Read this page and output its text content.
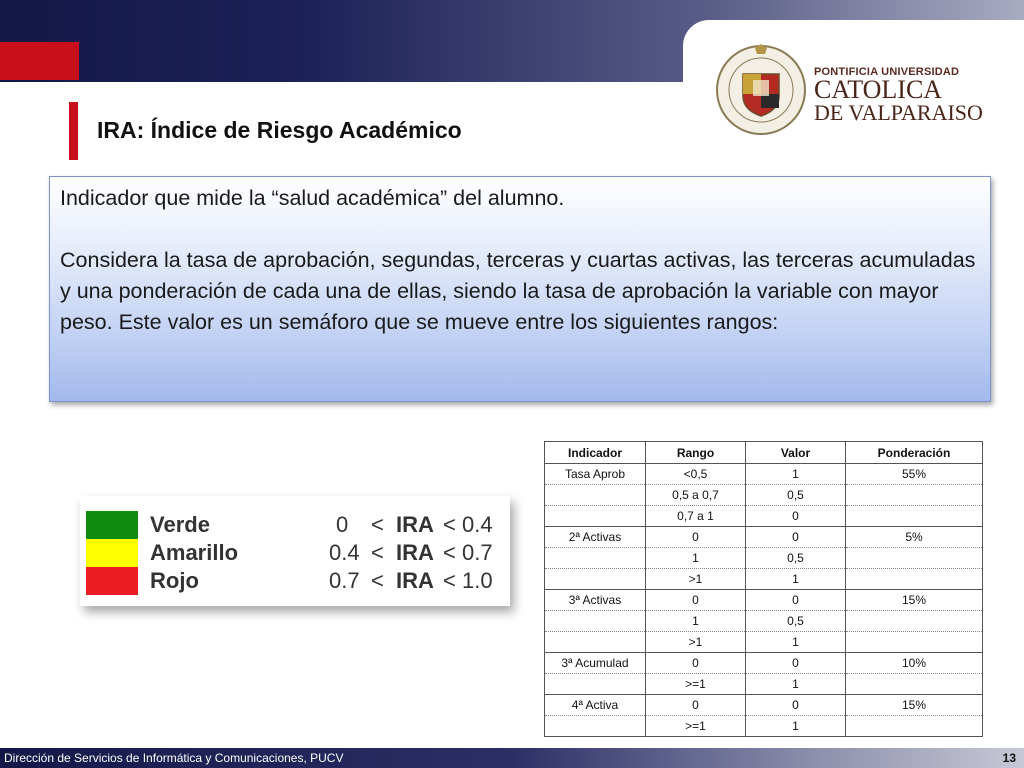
PONTIFICIA UNIVERSIDAD
CATOLICA
DE VALPARAISO
IRA: Índice de Riesgo Académico

Indicador que mide la “salud académica” del alumno.

Considera la tasa de aprobación, segundas, terceras y cuartas activas, las terceras acumuladas y una ponderación de cada una de ellas, siendo la tasa de aprobación la variable con mayor peso. Este valor es un semáforo que se mueve entre los siguientes rangos:

Verde	0 < IRA < 0.4
Amarillo	0.4 < IRA < 0.7
Rojo	0.7 < IRA < 1.0
Indicador	Rango	Valor	Ponderación
Tasa Aprob	<0,5	1	55%
	0,5 a 0,7	0,5	
	0,7 a 1	0	
2ª Activas	0	0	5%
	1	0,5	
	>1	1	
3ª Activas	0	0	15%
	1	0,5	
	>1	1	
3ª Acumulad	0	0	10%
	>=1	1	
4ª Activa	0	0	15%
	>=1	1	
Dirección de Servicios de Informática y Comunicaciones, PUCV	13
